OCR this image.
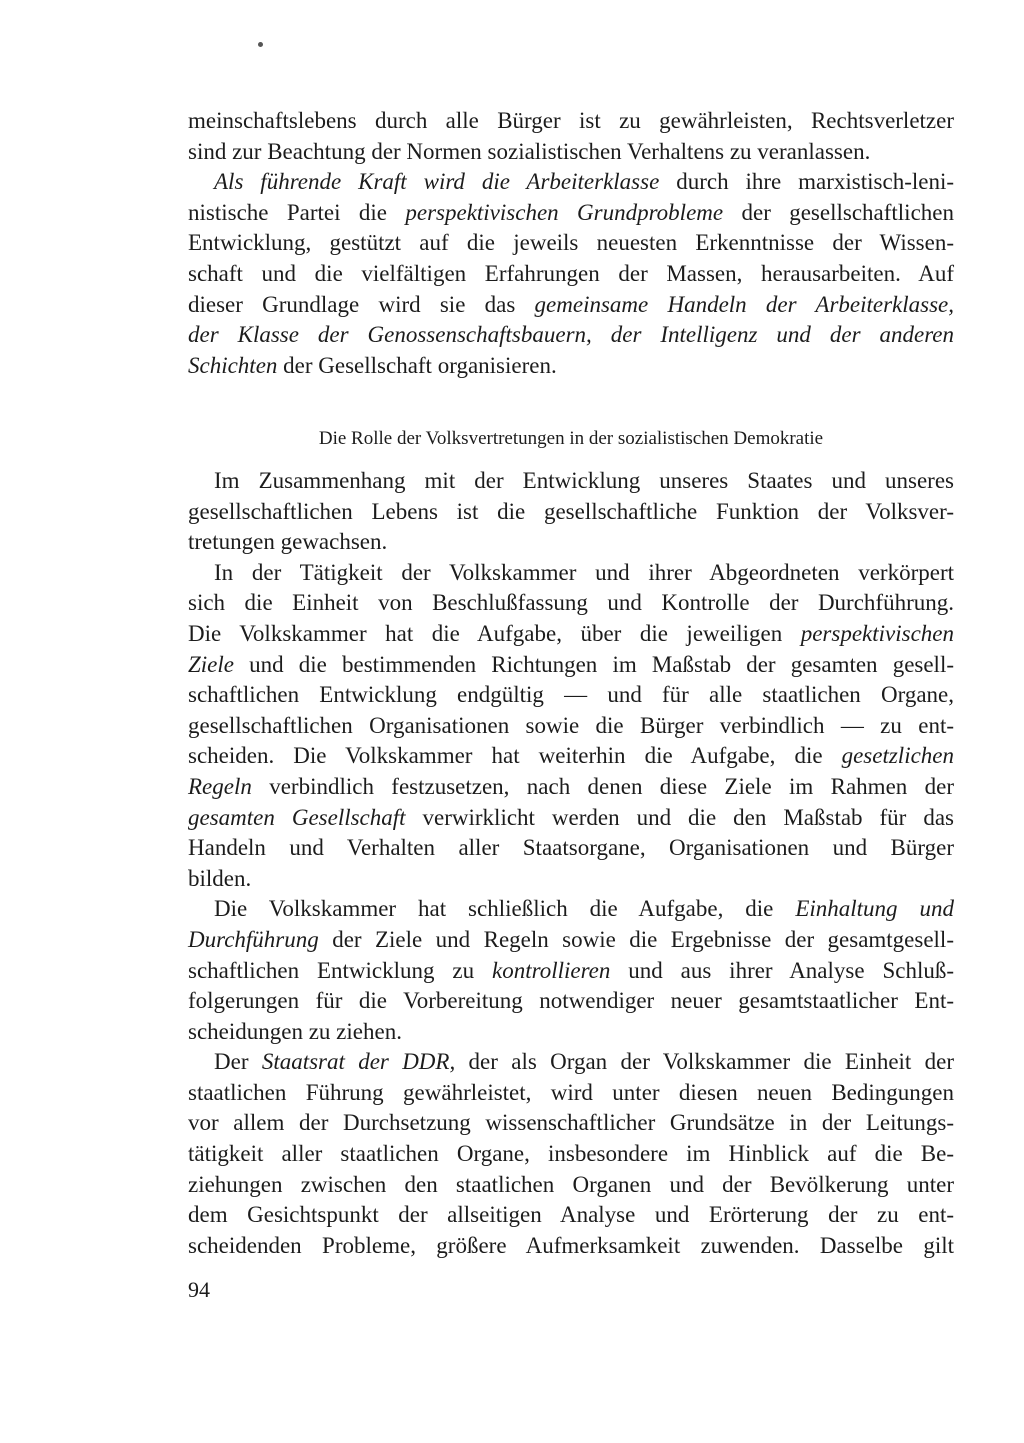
meinschaftslebens durch alle Bürger ist zu gewährleisten, Rechtsverletzer
sind zur Beachtung der Normen sozialistischen Verhaltens zu veranlassen.
Als führende Kraft wird die Arbeiterklasse durch ihre marxistisch-leni-
nistische Partei die perspektivischen Grundprobleme der gesellschaftlichen
Entwicklung, gestützt auf die jeweils neuesten Erkenntnisse der Wissen-
schaft und die vielfältigen Erfahrungen der Massen, herausarbeiten. Auf
dieser Grundlage wird sie das gemeinsame Handeln der Arbeiterklasse,
der Klasse der Genossenschaftsbauern, der Intelligenz und der anderen
Schichten der Gesellschaft organisieren.
Die Rolle der Volksvertretungen in der sozialistischen Demokratie
Im Zusammenhang mit der Entwicklung unseres Staates und unseres
gesellschaftlichen Lebens ist die gesellschaftliche Funktion der Volksver-
tretungen gewachsen.
In der Tätigkeit der Volkskammer und ihrer Abgeordneten verkörpert
sich die Einheit von Beschlußfassung und Kontrolle der Durchführung.
Die Volkskammer hat die Aufgabe, über die jeweiligen perspektivischen
Ziele und die bestimmenden Richtungen im Maßstab der gesamten gesell-
schaftlichen Entwicklung endgültig — und für alle staatlichen Organe,
gesellschaftlichen Organisationen sowie die Bürger verbindlich — zu ent-
scheiden. Die Volkskammer hat weiterhin die Aufgabe, die gesetzlichen
Regeln verbindlich festzusetzen, nach denen diese Ziele im Rahmen der
gesamten Gesellschaft verwirklicht werden und die den Maßstab für das
Handeln und Verhalten aller Staatsorgane, Organisationen und Bürger
bilden.
Die Volkskammer hat schließlich die Aufgabe, die Einhaltung und
Durchführung der Ziele und Regeln sowie die Ergebnisse der gesamtgesell-
schaftlichen Entwicklung zu kontrollieren und aus ihrer Analyse Schluß-
folgerungen für die Vorbereitung notwendiger neuer gesamtstaatlicher Ent-
scheidungen zu ziehen.
Der Staatsrat der DDR, der als Organ der Volkskammer die Einheit der
staatlichen Führung gewährleistet, wird unter diesen neuen Bedingungen
vor allem der Durchsetzung wissenschaftlicher Grundsätze in der Leitungs-
tätigkeit aller staatlichen Organe, insbesondere im Hinblick auf die Be-
ziehungen zwischen den staatlichen Organen und der Bevölkerung unter
dem Gesichtspunkt der allseitigen Analyse und Erörterung der zu ent-
scheidenden Probleme, größere Aufmerksamkeit zuwenden. Dasselbe gilt
94
